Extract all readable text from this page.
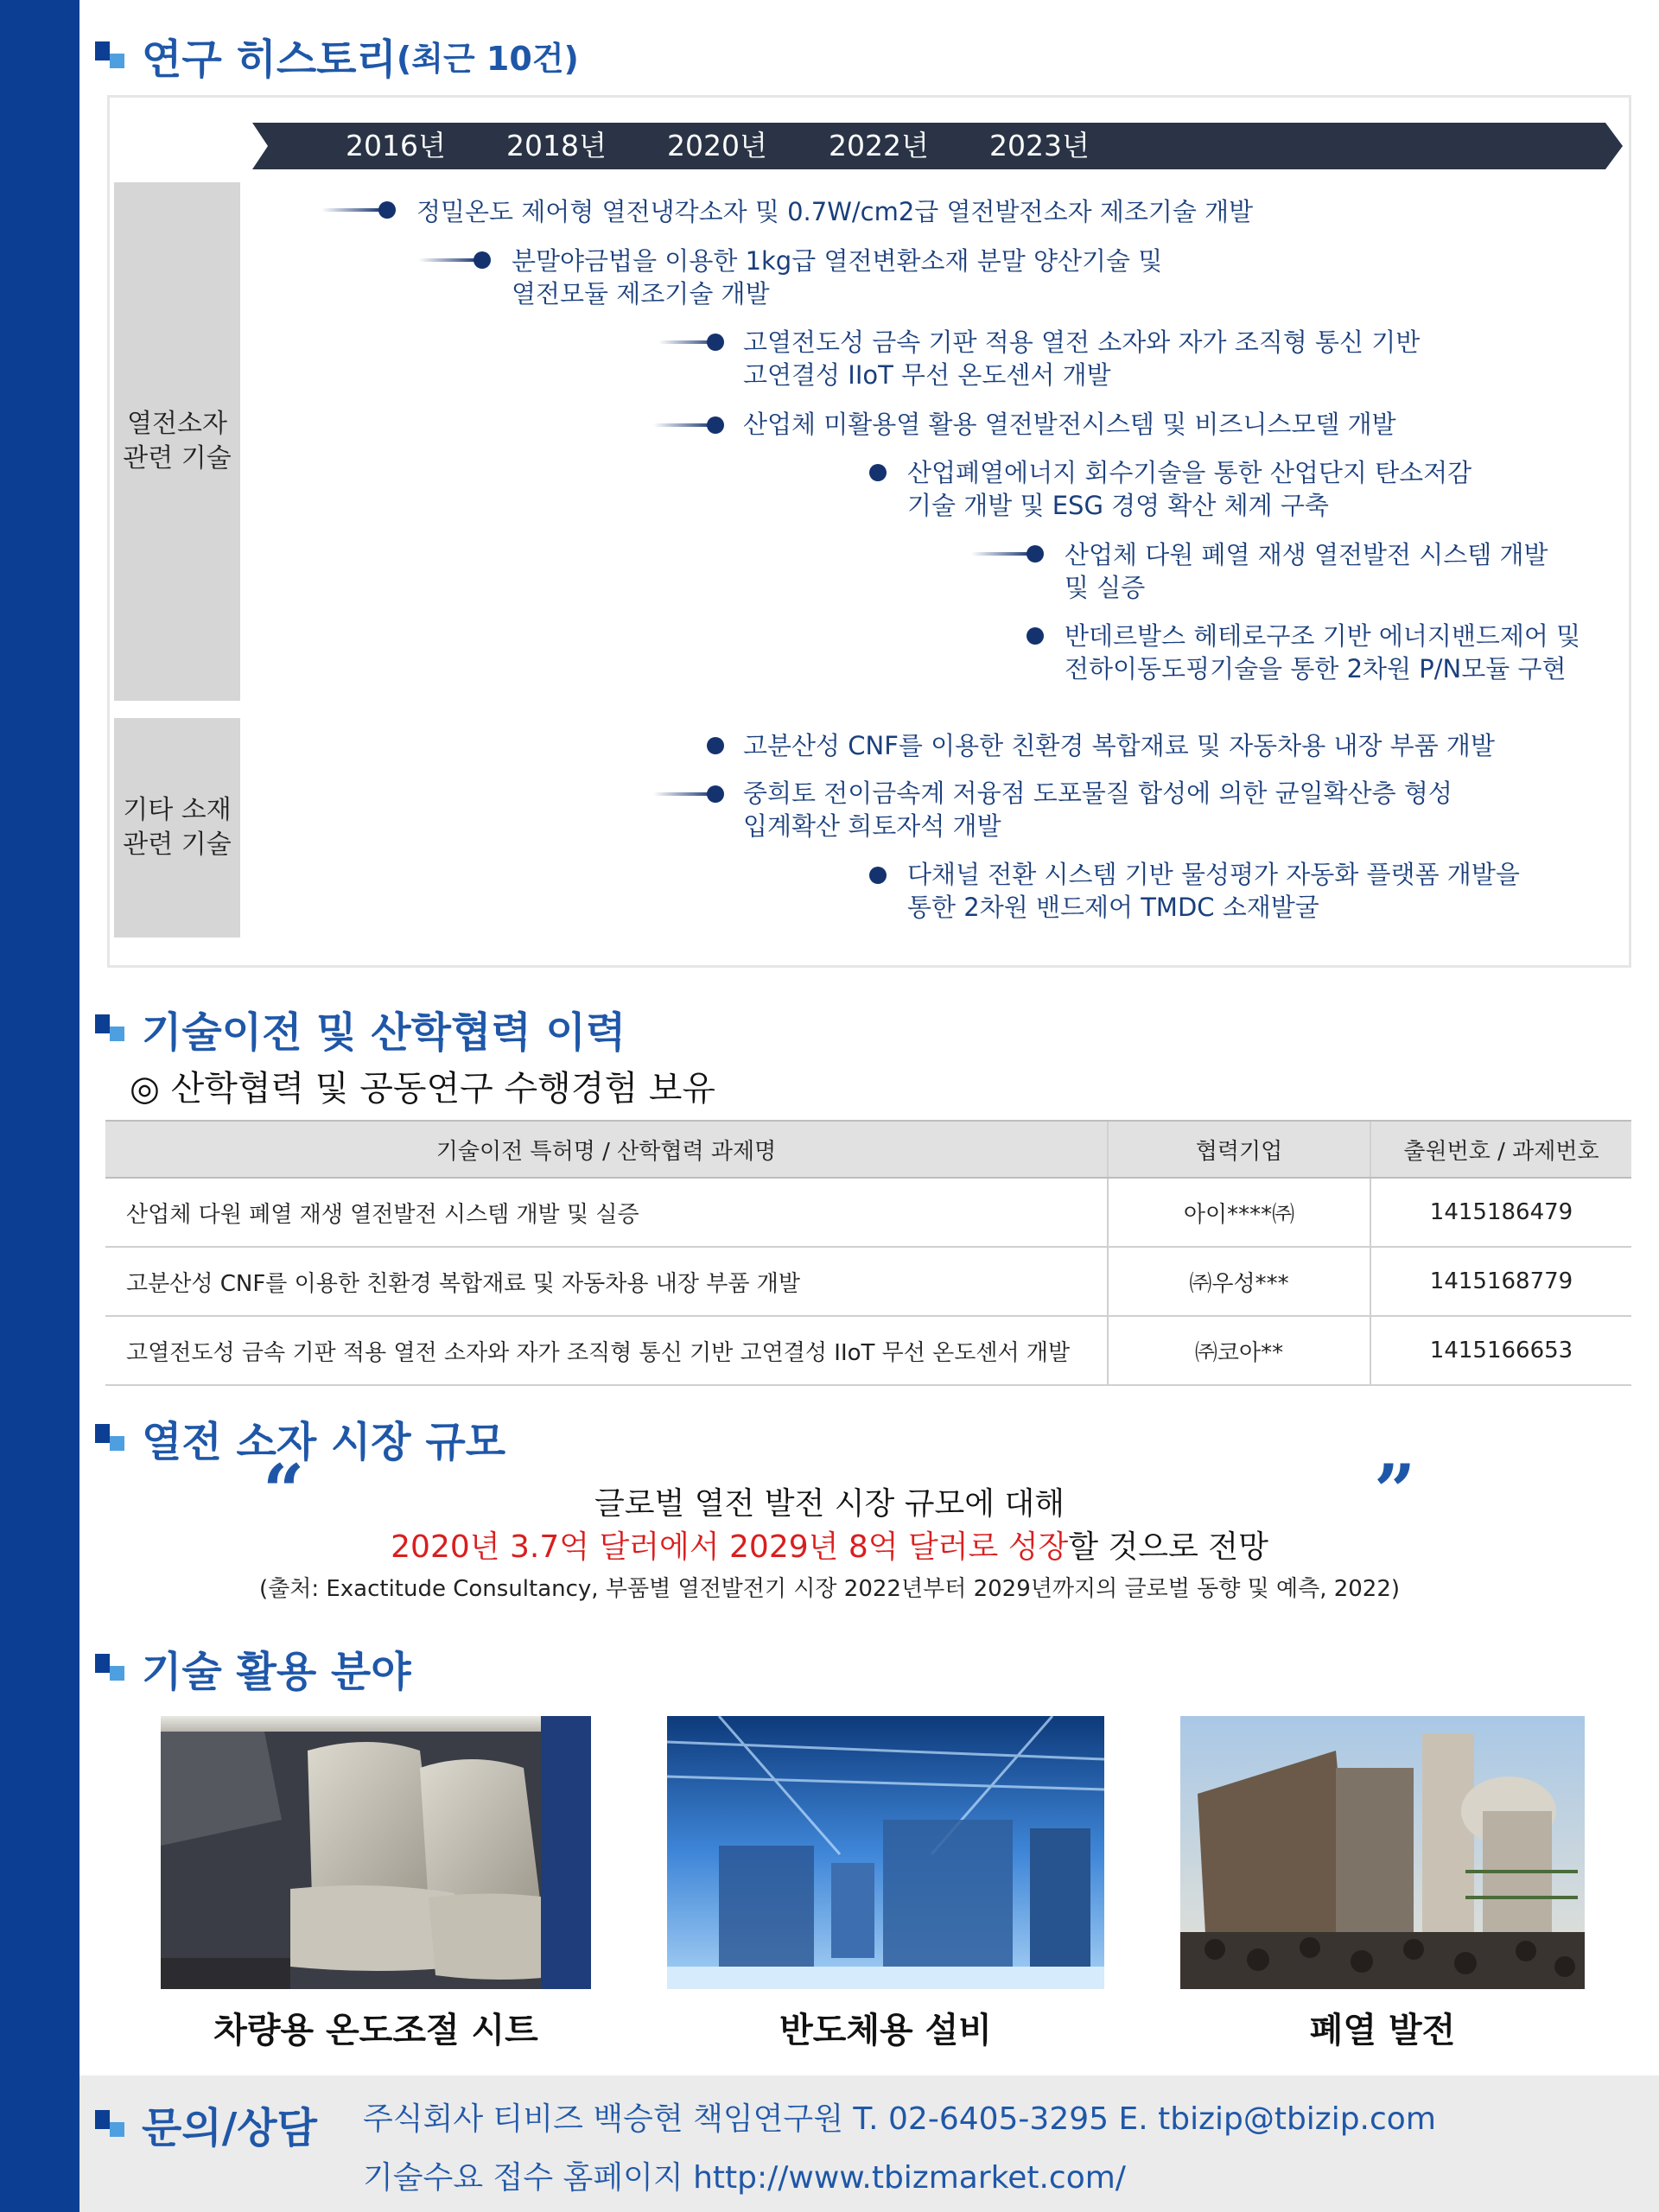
연구 히스토리 (최근 10건)
2016년 2018년 2020년 2022년 2023년
열전소자
관련 기술
기타 소재
관련 기술
정밀온도 제어형 열전냉각소자 및 0.7W/cm2급 열전발전소자 제조기술 개발
분말야금법을 이용한 1kg급 열전변환소재 분말 양산기술 및
열전모듈 제조기술 개발
고열전도성 금속 기판 적용 열전 소자와 자가 조직형 통신 기반
고연결성 IIoT 무선 온도센서 개발
산업체 미활용열 활용 열전발전시스템 및 비즈니스모델 개발
산업폐열에너지 회수기술을 통한 산업단지 탄소저감
기술 개발 및 ESG 경영 확산 체계 구축
산업체 다원 폐열 재생 열전발전 시스템 개발
및 실증
반데르발스 헤테로구조 기반 에너지밴드제어 및
전하이동도핑기술을 통한 2차원 P/N모듈 구현
고분산성 CNF를 이용한 친환경 복합재료 및 자동차용 내장 부품 개발
중희토 전이금속계 저융점 도포물질 합성에 의한 균일확산층 형성
입계확산 희토자석 개발
다채널 전환 시스템 기반 물성평가 자동화 플랫폼 개발을
통한 2차원 밴드제어 TMDC 소재발굴
기술이전 및 산학협력 이력
◎ 산학협력 및 공동연구 수행경험 보유
기술이전 특허명 / 산학협력 과제명	협력기업	출원번호 / 과제번호
산업체 다원 폐열 재생 열전발전 시스템 개발 및 실증	아이****㈜	1415186479
고분산성 CNF를 이용한 친환경 복합재료 및 자동차용 내장 부품 개발	㈜우성***	1415168779
고열전도성 금속 기판 적용 열전 소자와 자가 조직형 통신 기반 고연결성 IIoT 무선 온도센서 개발	㈜코아**	1415166653
열전 소자 시장 규모
“	”
글로벌 열전 발전 시장 규모에 대해
2020년 3.7억 달러에서 2029년 8억 달러로 성장할 것으로 전망
(출처: Exactitude Consultancy, 부품별 열전발전기 시장 2022년부터 2029년까지의 글로벌 동향 및 예측, 2022)
기술 활용 분야
차량용 온도조절 시트	반도체용 설비	폐열 발전
문의/상담 주식회사 티비즈 백승현 책임연구원 T. 02-6405-3295 E. tbizip@tbizip.com
기술수요 접수 홈페이지 http://www.tbizmarket.com/
